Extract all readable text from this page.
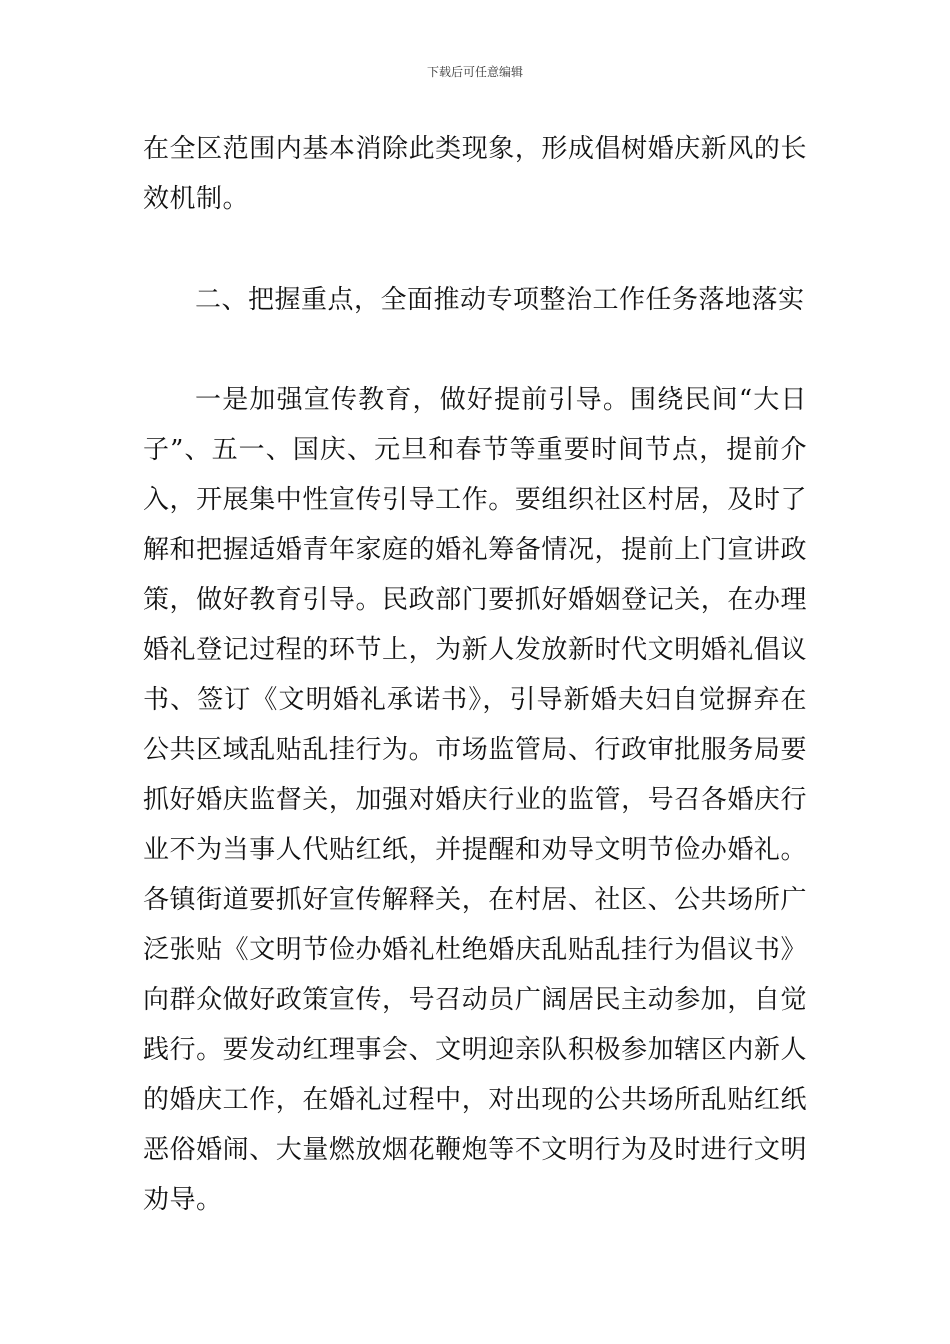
下载后可任意编辑

在全区范围内基本消除此类现象，形成倡树婚庆新风的长效机制。

二、把握重点，全面推动专项整治工作任务落地落实

一是加强宣传教育，做好提前引导。围绕民间“大日子”、五一、国庆、元旦和春节等重要时间节点，提前介入，开展集中性宣传引导工作。要组织社区村居，及时了解和把握适婚青年家庭的婚礼筹备情况，提前上门宣讲政策，做好教育引导。民政部门要抓好婚姻登记关，在办理婚礼登记过程的环节上，为新人发放新时代文明婚礼倡议书、签订《文明婚礼承诺书》，引导新婚夫妇自觉摒弃在公共区域乱贴乱挂行为。市场监管局、行政审批服务局要抓好婚庆监督关，加强对婚庆行业的监管，号召各婚庆行业不为当事人代贴红纸，并提醒和劝导文明节俭办婚礼。各镇街道要抓好宣传解释关，在村居、社区、公共场所广泛张贴《文明节俭办婚礼杜绝婚庆乱贴乱挂行为倡议书》向群众做好政策宣传，号召动员广阔居民主动参加，自觉践行。要发动红理事会、文明迎亲队积极参加辖区内新人的婚庆工作，在婚礼过程中，对出现的公共场所乱贴红纸恶俗婚闹、大量燃放烟花鞭炮等不文明行为及时进行文明劝导。
